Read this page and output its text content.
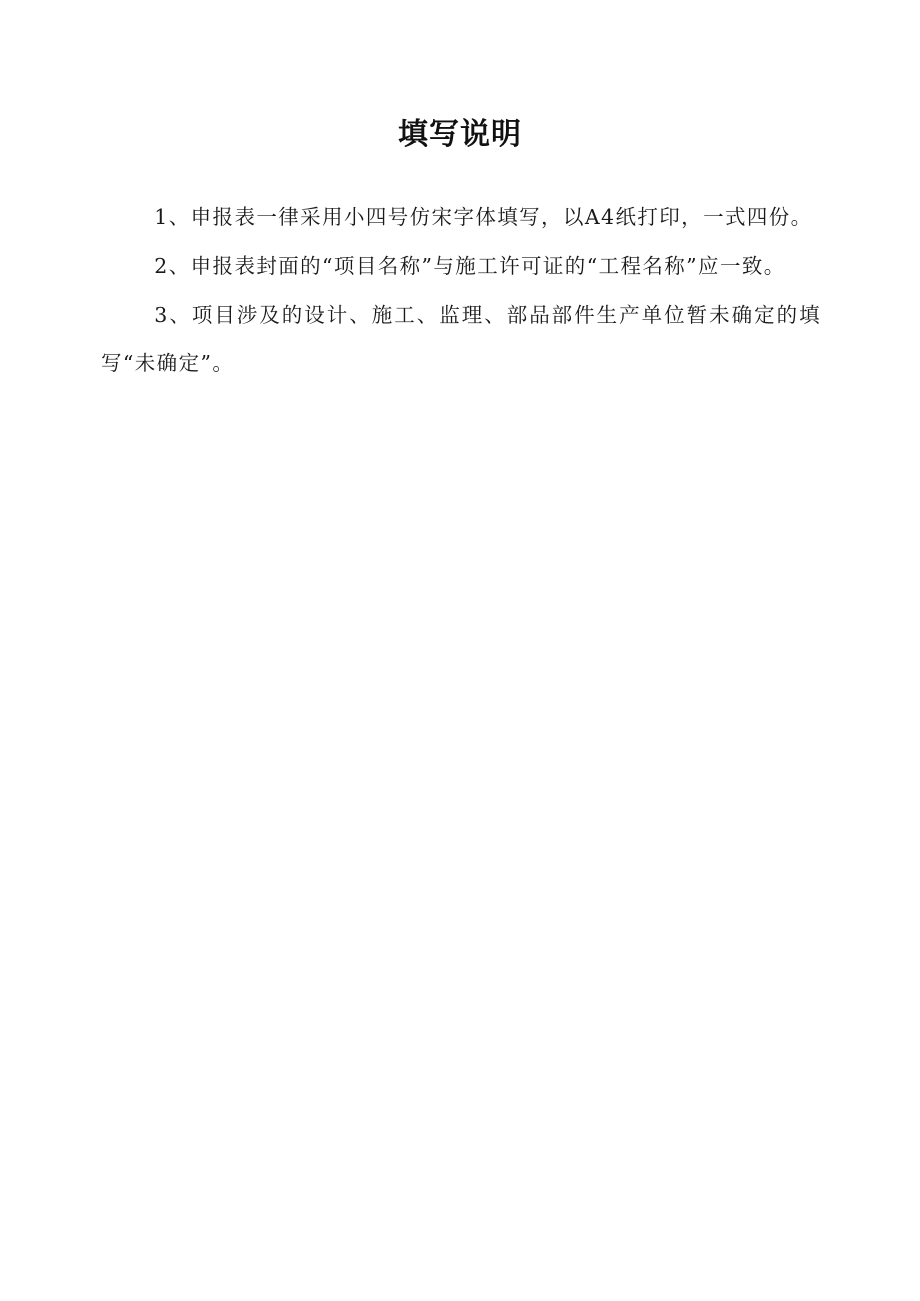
填写说明

1、申报表一律采用小四号仿宋字体填写，以A4纸打印，一式四份。

2、申报表封面的“项目名称”与施工许可证的“工程名称”应一致。

3、项目涉及的设计、施工、监理、部品部件生产单位暂未确定的填写“未确定”。
